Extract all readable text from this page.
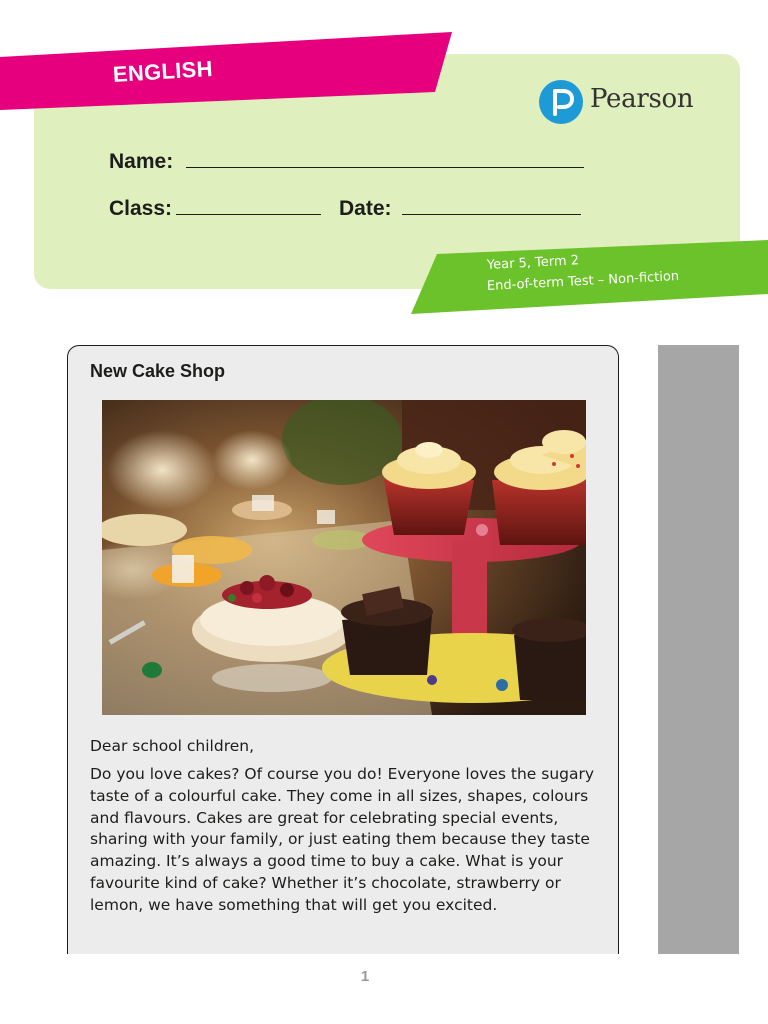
ENGLISH
Pearson
Name:
Class:	Date:
Year 5, Term 2
End-of-term Test – Non-fiction
New Cake Shop
Dear school children,
Do you love cakes? Of course you do! Everyone loves the sugary taste of a colourful cake. They come in all sizes, shapes, colours and flavours. Cakes are great for celebrating special events, sharing with your family, or just eating them because they taste amazing. It’s always a good time to buy a cake. What is your favourite kind of cake? Whether it’s chocolate, strawberry or lemon, we have something that will get you excited.
1
